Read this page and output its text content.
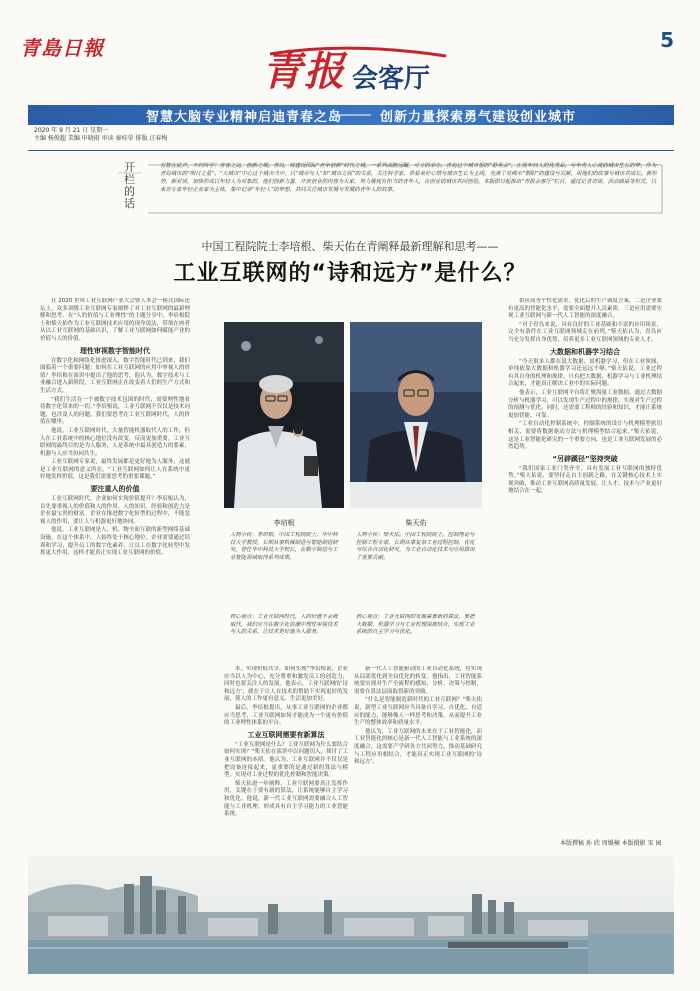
青島日報	5
青报 会客厅
智慧大脑专业精神启迪青春之岛	创新力量探索勇气建设创业城市
2020 年 9 月 21 日 星期一
主编 杨俊超 美编 申晓雨 审读 秦桂荣 排版 汪春梅
开栏的话
有智在此声，不归所学！青春之岛，创新之城。青岛，将建设国际“青年创新”时代之城。一系列高瞻远瞩，可分的举办。青岛这个城市里的“群英会”。正视年轻人的优秀品，与年青人心流的城市生长的梦。作为青岛城市的“明日之星”。“大城市”中心这个城市当中，以“城市与人”和“城市之间”的关系，关注科学家，带着美好心情与城市生长为主线，充满了对城市“朝阳”的建设与贡献，用他们的故事与城市共成长。新形势，新对话，加快形成以年轻人为对象的，他们创新力量、开放创业的内容为大家，努力展现有担当的青年人，在创业的城市共同创造。本版即日起推出“青报会客厅”栏目，通过记者访谈、活动圆桌等形式，以来访专家年轻企业家为主体，集中记录“年轻人”的梦想，共同关注城市发展与发展的青年人的故事。
中国工程院院士李培根、柴天佑在青阐释最新理解和思考——
工业互联网的“诗和远方”是什么？

在 2020 世界工业互联网产业大会暨人本会一模式国际论坛上，众多顶级工业互联网专家阐释了对工业互联网的最新理解和思考。在“人的价值与工业理性”的主题分享中，李培根院士和柴天佑作为工业互联网技术应用的现身说法，带领在座者从以工业互联网的基础认识，了解工业互联网如何赋能产业的价值与人的价值。

理性审视数字智能时代

在数字化和网络化推进深入，数字智能时代已到来，我们面临着一个重要问题：如何在工业互联网的应用中审视人的价值？李培根在演讲中提出了他的思考。他认为，数字技术与工业融合进入新阶段，工业互联网正在改变着人们的生产方式和生活方式。

“我们生活在一个被数字技术包围的时代，需要理性地看待数字化带来的一切。”李培根说，工业互联网不仅仅是技术问题，也涉及人的问题。我们要思考在工业互联网时代，人的价值在哪里。

他说，工业互联网时代，大量智能机器取代人的工作，但人在工业系统中的核心地位没有改变，反而更加重要。工业互联网的最终目的是为人服务，人是系统中最具创造力的要素，机器与人应当协同共生。

工业互联网专家说，最终发展都是更好地为人服务，这就是工业互联网的意义所在。“工业互联网如何让人在系统中更好地发挥价值，这是我们需要思考的重要课题。”

要注重人的价值

工业互联网时代，企业如何实现价值提升？李培根认为，首先要重视人的价值和人的作用。人的知识、经验和创造力是企业最宝贵的财富。企业在推进数字化转型的过程中，不能忽视人的作用，要让人与机器更好地协同。

他说，工业互联网是人、机、物全面互联的新型网络基础设施，在这个体系中，人始终处于核心地位。企业需要通过培训和学习，提升员工的数字化素养，让员工在数字化转型中发挥更大作用，这样才能真正实现工业互联网的价值。

李培根
人物小传：李培根，中国工程院院士，华中科技大学教授，长期从事机械制造与智能制造研究，曾任华中科技大学校长，在数字制造与工业智能领域取得系列成果。
核心观点：工业互联网时代，人的价值不会被取代，我们应当在数字化浪潮中理性审视技术与人的关系，让技术更好地为人服务。
柴天佑
人物小传：柴天佑，中国工程院院士，控制理论与控制工程专家，长期从事复杂工业过程控制、优化与综合自动化研究，为工业自动化技术与应用做出了重要贡献。
核心观点：工业互联网的发展需要新的算法，要把大数据、机器学习与工业机理深度结合，实现工业系统的自主学习与优化。

本，实现价值共享。如何实现“李培根说，企业应当以人为中心，充分尊重和激发员工的创造力，同时也要关注人的发展。他表示，工业互联网的‘诗和远方’，就在于让人在技术的帮助下实现更好的发展，使人的工作更有意义、生活更加美好。

最后，李培根提出，从事工业互联网的企业都应当思考，工业互联网如何才能成为一个更有价值的工业理性体系的平台。

工业互联网需要有新算法

“工业互联网是什么？工业互联网为什么要结合如何实现？”柴天佑在演讲中以问题切入，探讨了工业互联网的本质。他认为，工业互联网并不仅仅是把设备连接起来，更重要的是通过新的算法与模型，实现对工业过程的优化控制和智能决策。

柴天佑进一步阐释，工业互联网要真正发挥作用，关键在于要有新的算法，让系统能够自主学习和优化。他说，新一代工业互联网需要融合人工智能与工业机理，形成具有自主学习能力的工业智能系统。

新一代人工智能驱动的工业自动化系统，将实现从局部优化到全局优化的转变。他指出，工业智能系统要实现对生产全流程的感知、分析、决策与控制，需要在算法层面取得新的突破。

“什么是智能制造新时代的工业互联网？”柴天佑说，新型工业互联网应当具备自学习、自优化、自适应的能力，能够像人一样思考和决策，从而提升工业生产的整体效率和质量水平。

他认为，工业互联网的未来在于工业智能化，而工业智能化的核心是新一代人工智能与工业系统的深度融合。这需要产学研各方共同努力，推动基础研究与工程应用相结合，才能真正实现工业互联网的‘诗和远方’。

供应商等个性化需求，优化后的生产调度方案，二是企业要有更高的智能化水平，需要全面提升人员素质。三是应用需要实现工业互联网与新一代人工智能的深度融合。

“对于青岛来说，具有良好的工业基础和丰富的应用场景，完全有条件在工业互联网领域走在前列。”柴天佑认为，青岛应当充分发挥自身优势，培养更多工业互联网领域的专业人才。

大数据和机器学习结合

“今天很多人都在说大数据、说机器学习，但在工业领域，单纯依靠大数据和机器学习还远远不够。”柴天佑说，工业过程有其自身的机理和规律，只有把大数据、机器学习与工业机理结合起来，才能真正解决工业中的实际问题。

他表示，工业互联网平台将汇聚海量工业数据，通过大数据分析与机器学习，可以发现生产过程中的规律，实现对生产过程的预测与优化。同时，还需要工程师的经验和知识，才能让系统更加智能、可靠。

“工业自动化控制系统中，控制系统的设计与机理模型密切相关，需要将数据驱动方法与机理模型结合起来。”柴天佑说，这是工业智能化研究的一个重要方向，也是工业互联网发展的必然趋势。

“另辟蹊径”坚持突破

“我们国家工业门类齐全，具有发展工业互联网的独特优势。”柴天佑说，要坚持走自主创新之路，在关键核心技术上实现突破，推动工业互联网高质量发展，让人才、技术与产业更好地结合在一起。

本版撰稿 孙 欣 周媛楠 本版摄影 宋 园
